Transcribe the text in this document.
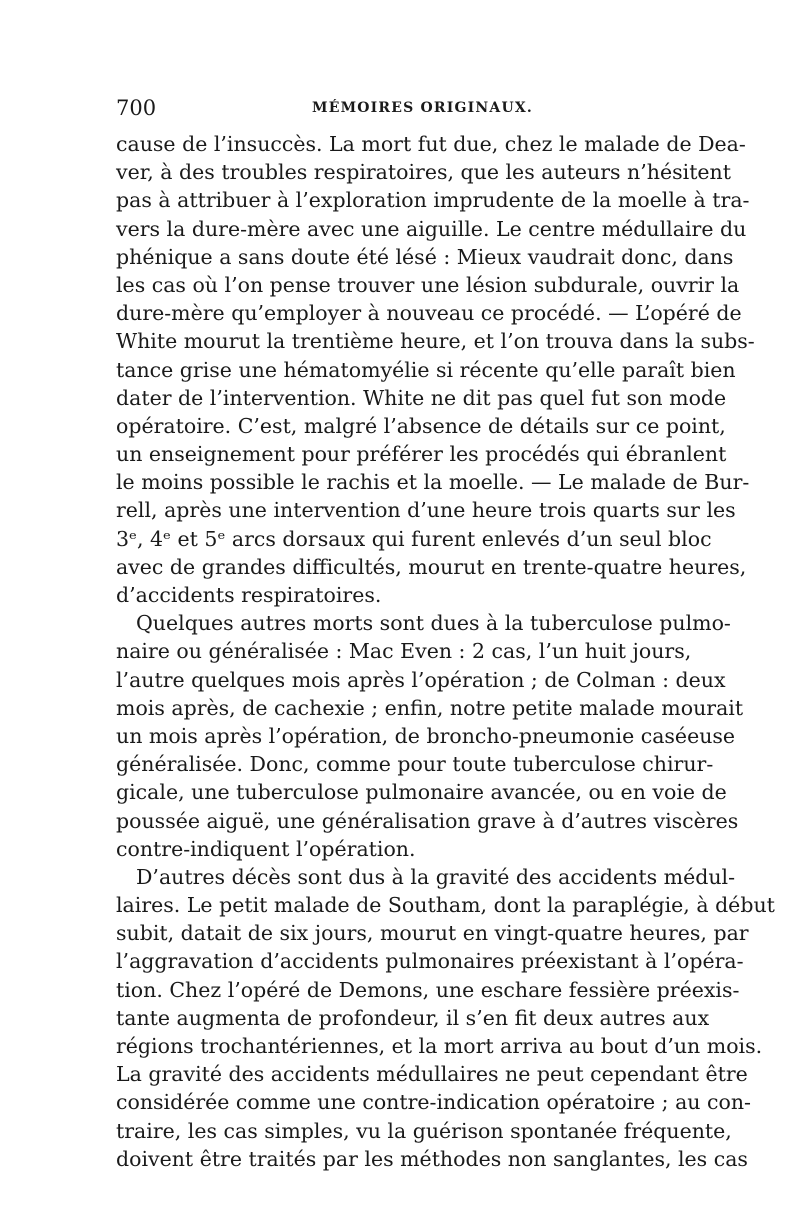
700	MÉMOIRES ORIGINAUX.
cause de l’insuccès. La mort fut due, chez le malade de Dea-
ver, à des troubles respiratoires, que les auteurs n’hésitent
pas à attribuer à l’exploration imprudente de la moelle à tra-
vers la dure-mère avec une aiguille. Le centre médullaire du
phénique a sans doute été lésé : Mieux vaudrait donc, dans
les cas où l’on pense trouver une lésion subdurale, ouvrir la
dure-mère qu’employer à nouveau ce procédé. — L’opéré de
White mourut la trentième heure, et l’on trouva dans la subs-
tance grise une hématomyélie si récente qu’elle paraît bien
dater de l’intervention. White ne dit pas quel fut son mode
opératoire. C’est, malgré l’absence de détails sur ce point,
un enseignement pour préférer les procédés qui ébranlent
le moins possible le rachis et la moelle. — Le malade de Bur-
rell, après une intervention d’une heure trois quarts sur les
3ᵉ, 4ᵉ et 5ᵉ arcs dorsaux qui furent enlevés d’un seul bloc
avec de grandes difficultés, mourut en trente-quatre heures,
d’accidents respiratoires.
Quelques autres morts sont dues à la tuberculose pulmo-
naire ou généralisée : Mac Even : 2 cas, l’un huit jours,
l’autre quelques mois après l’opération ; de Colman : deux
mois après, de cachexie ; enfin, notre petite malade mourait
un mois après l’opération, de broncho-pneumonie caséeuse
généralisée. Donc, comme pour toute tuberculose chirur-
gicale, une tuberculose pulmonaire avancée, ou en voie de
poussée aiguë, une généralisation grave à d’autres viscères
contre-indiquent l’opération.
D’autres décès sont dus à la gravité des accidents médul-
laires. Le petit malade de Southam, dont la paraplégie, à début
subit, datait de six jours, mourut en vingt-quatre heures, par
l’aggravation d’accidents pulmonaires préexistant à l’opéra-
tion. Chez l’opéré de Demons, une eschare fessière préexis-
tante augmenta de profondeur, il s’en fit deux autres aux
régions trochantériennes, et la mort arriva au bout d’un mois.
La gravité des accidents médullaires ne peut cependant être
considérée comme une contre-indication opératoire ; au con-
traire, les cas simples, vu la guérison spontanée fréquente,
doivent être traités par les méthodes non sanglantes, les cas
